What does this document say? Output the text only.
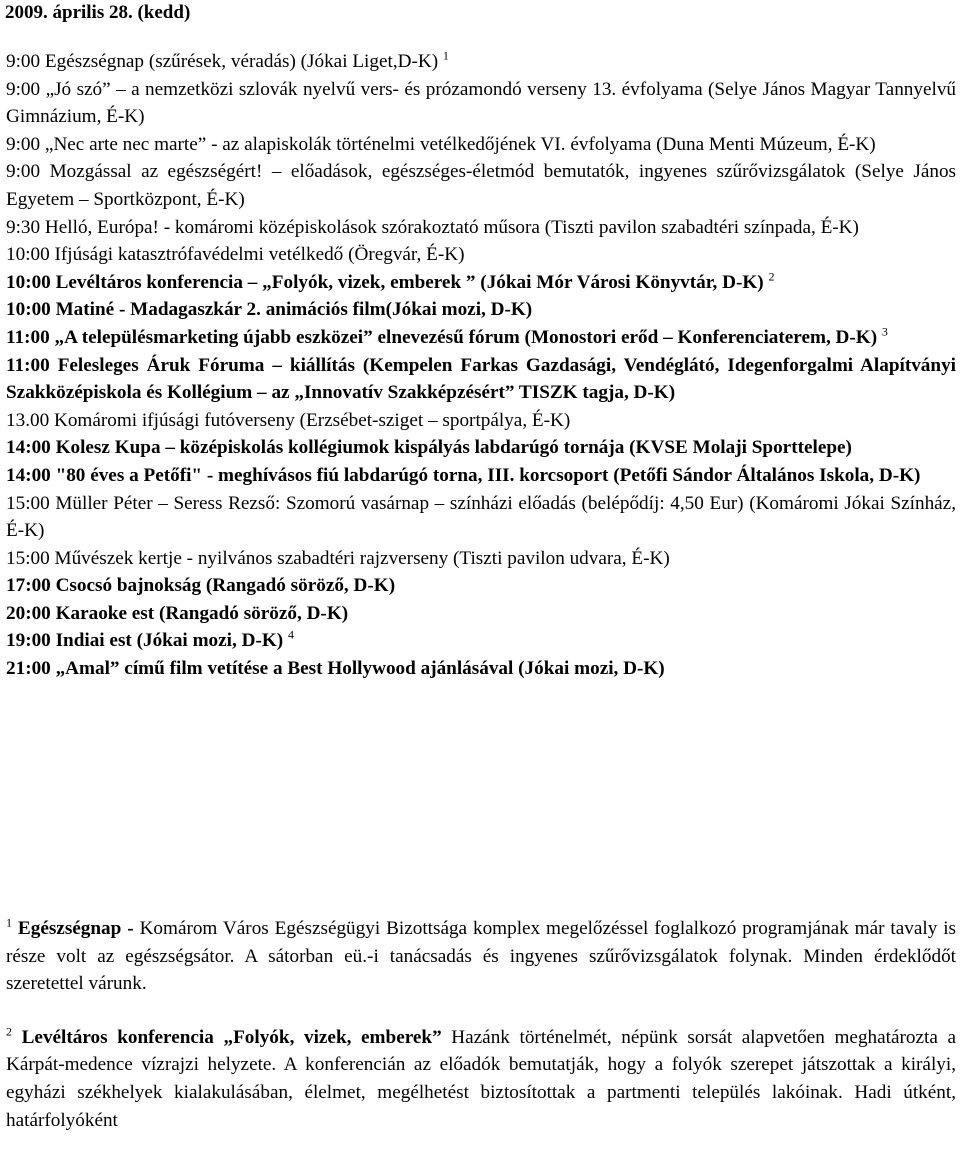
2009. április 28. (kedd)

9:00 Egészségnap (szűrések, véradás) (Jókai Liget,D-K) $^1$

9:00 „Jó szó” – a nemzetközi szlovák nyelvű vers- és prózamondó verseny 13. évfolyama (Selye János Magyar Tannyelvű Gimnázium, É-K)

9:00 „Nec arte nec marte” - az alapiskolák történelmi vetélkedőjének VI. évfolyama (Duna Menti Múzeum, É-K)

9:00 Mozgással az egészségért! – előadások, egészséges-életmód bemutatók, ingyenes szűrővizsgálatok (Selye János Egyetem – Sportközpont, É-K)

9:30 Helló, Európa! - komáromi középiskolások szórakoztató műsora (Tiszti pavilon szabadtéri színpada, É-K)

10:00 Ifjúsági katasztrófavédelmi vetélkedő (Öregvár, É-K)

10:00 Levéltáros konferencia – „Folyók, vizek, emberek ” (Jókai Mór Városi Könyvtár, D-K) $^2$

10:00 Matiné - Madagaszkár 2. animációs film(Jókai mozi, D-K)

11:00 „A településmarketing újabb eszközei” elnevezésű fórum (Monostori erőd – Konferenciaterem, D-K) $^3$

11:00 Felesleges Áruk Fóruma – kiállítás (Kempelen Farkas Gazdasági, Vendéglátó, Idegenforgalmi Alapítványi Szakközépiskola és Kollégium – az „Innovatív Szakképzésért” TISZK tagja, D-K)

13.00 Komáromi ifjúsági futóverseny (Erzsébet-sziget – sportpálya, É-K)

14:00 Kolesz Kupa – középiskolás kollégiumok kispályás labdarúgó tornája (KVSE Molaji Sporttelepe)

14:00 "80 éves a Petőfi" - meghívásos fiú labdarúgó torna, III. korcsoport (Petőfi Sándor Általános Iskola, D-K)

15:00 Müller Péter – Seress Rezső: Szomorú vasárnap – színházi előadás (belépődíj: 4,50 Eur) (Komáromi Jókai Színház, É-K)

15:00 Művészek kertje - nyilvános szabadtéri rajzverseny (Tiszti pavilon udvara, É-K)

17:00 Csocsó bajnokság (Rangadó söröző, D-K)

20:00 Karaoke est (Rangadó söröző, D-K)

19:00 Indiai est (Jókai mozi, D-K) $^4$

21:00 „Amal” című film vetítése a Best Hollywood ajánlásával (Jókai mozi, D-K)

$^1$ Egészségnap - Komárom Város Egészségügyi Bizottsága komplex megelőzéssel foglalkozó programjának már tavaly is része volt az egészségsátor. A sátorban eü.-i tanácsadás és ingyenes szűrővizsgálatok folynak. Minden érdeklődőt szeretettel várunk.

$^2$ Levéltáros konferencia „Folyók, vizek, emberek” Hazánk történelmét, népünk sorsát alapvetően meghatározta a Kárpát-medence vízrajzi helyzete. A konferencián az előadók bemutatják, hogy a folyók szerepet játszottak a királyi, egyházi székhelyek kialakulásában, élelmet, megélhetést biztosítottak a partmenti település lakóinak. Hadi útként, határfolyóként
